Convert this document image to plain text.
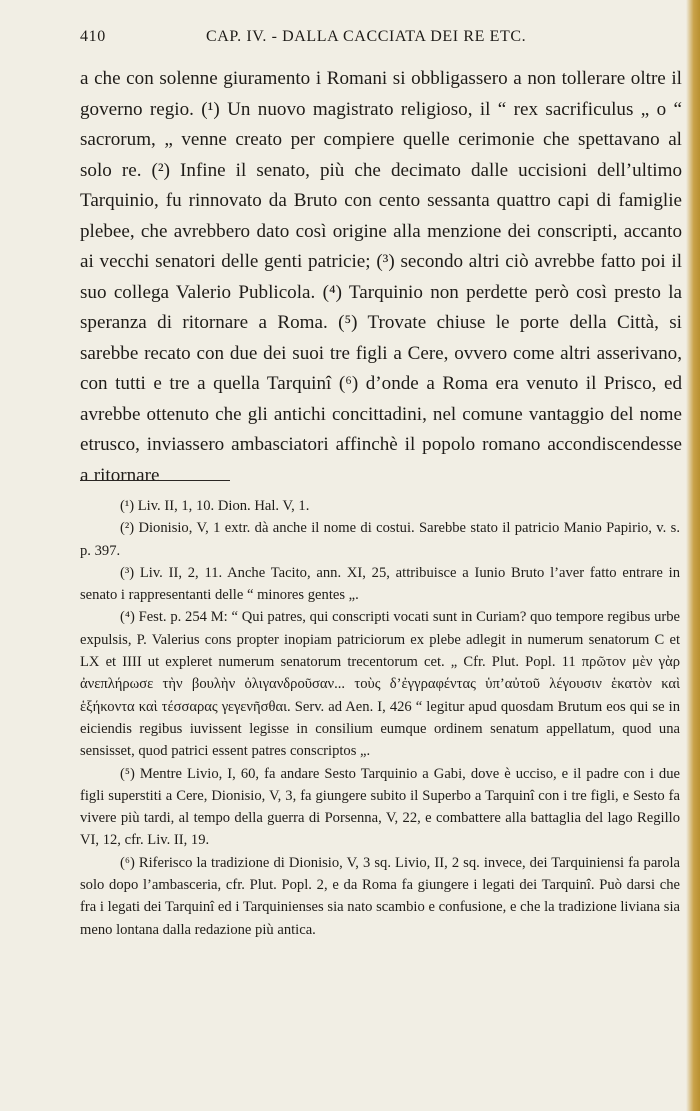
410	CAP. IV. - DALLA CACCIATA DEI RE ETC.
a che con solenne giuramento i Romani si obbligassero a non tollerare oltre il governo regio. (¹) Un nuovo magistrato religioso, il “ rex sacrificulus „ o “ sacrorum, „ venne creato per compiere quelle cerimonie che spettavano al solo re. (²) Infine il senato, più che decimato dalle uccisioni dell’ultimo Tarquinio, fu rinnovato da Bruto con cento sessanta quattro capi di famiglie plebee, che avrebbero dato così origine alla menzione dei conscripti, accanto ai vecchi senatori delle genti patricie; (³) secondo altri ciò avrebbe fatto poi il suo collega Valerio Publicola. (⁴) Tarquinio non perdette però così presto la speranza di ritornare a Roma. (⁵) Trovate chiuse le porte della Città, si sarebbe recato con due dei suoi tre figli a Cere, ovvero come altri asserivano, con tutti e tre a quella Tarquinî (⁶) d’onde a Roma era venuto il Prisco, ed avrebbe ottenuto che gli antichi concittadini, nel comune vantaggio del nome etrusco, inviassero ambasciatori affinchè il popolo romano accondiscendesse a ritornare

(¹) Liv. II, 1, 10. Dion. Hal. V, 1.

(²) Dionisio, V, 1 extr. dà anche il nome di costui. Sarebbe stato il patricio Manio Papirio, v. s. p. 397.

(³) Liv. II, 2, 11. Anche Tacito, ann. XI, 25, attribuisce a Iunio Bruto l’aver fatto entrare in senato i rappresentanti delle “ minores gentes „.

(⁴) Fest. p. 254 M: “ Qui patres, qui conscripti vocati sunt in Curiam? quo tempore regibus urbe expulsis, P. Valerius cons propter inopiam patriciorum ex plebe adlegit in numerum senatorum C et LX et IIII ut expleret numerum senatorum trecentorum cet. „ Cfr. Plut. Popl. 11 πρῶτον μὲν γὰρ ἀνεπλήρωσε τὴν βουλὴν ὀλιγανδροῦσαν... τοὺς δ’ἐγγραφέντας ὑπ’αὐτοῦ λέγουσιν ἑκατὸν καὶ ἑξήκοντα καὶ τέσσαρας γεγενῆσθαι. Serv. ad Aen. I, 426 “ legitur apud quosdam Brutum eos qui se in eiciendis regibus iuvissent legisse in consilium eumque ordinem senatum appellatum, quod una sensisset, quod patrici essent patres conscriptos „.

(⁵) Mentre Livio, I, 60, fa andare Sesto Tarquinio a Gabi, dove è ucciso, e il padre con i due figli superstiti a Cere, Dionisio, V, 3, fa giungere subito il Superbo a Tarquinî con i tre figli, e Sesto fa vivere più tardi, al tempo della guerra di Porsenna, V, 22, e combattere alla battaglia del lago Regillo VI, 12, cfr. Liv. II, 19.

(⁶) Riferisco la tradizione di Dionisio, V, 3 sq. Livio, II, 2 sq. invece, dei Tarquiniensi fa parola solo dopo l’ambasceria, cfr. Plut. Popl. 2, e da Roma fa giungere i legati dei Tarquinî. Può darsi che fra i legati dei Tarquinî ed i Tarquinienses sia nato scambio e confusione, e che la tradizione liviana sia meno lontana dalla redazione più antica.
